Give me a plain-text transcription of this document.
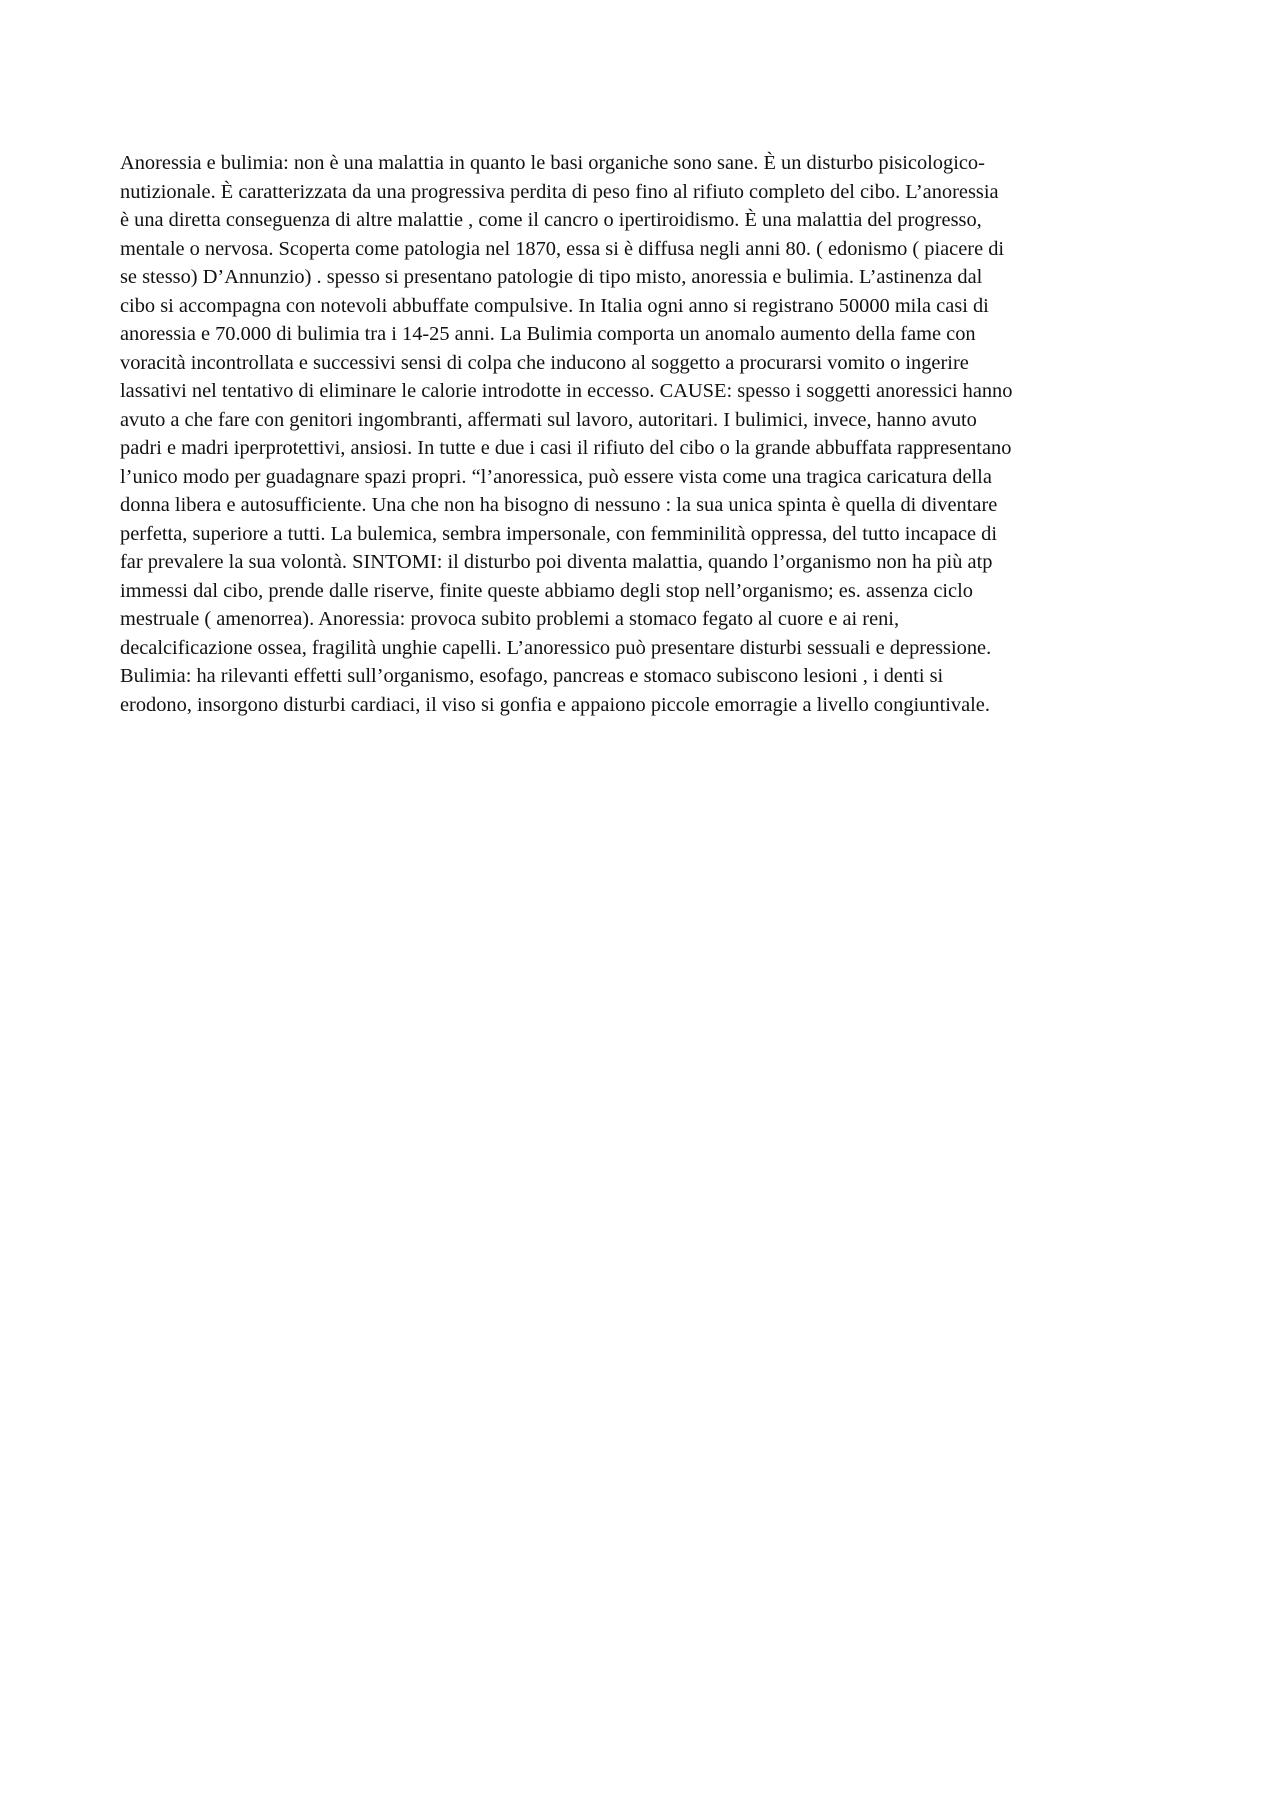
Anoressia e bulimia: non è una malattia in quanto le basi organiche sono sane. È un disturbo pisicologico-
nutizionale. È caratterizzata da una progressiva perdita di peso fino al rifiuto completo del cibo. L’anoressia
è una diretta conseguenza di altre malattie , come il cancro o ipertiroidismo. È una malattia del progresso,
mentale o nervosa. Scoperta come patologia nel 1870, essa si è diffusa negli anni 80. ( edonismo ( piacere di
se stesso) D’Annunzio) . spesso si presentano patologie di tipo misto, anoressia e bulimia. L’astinenza dal
cibo si accompagna con notevoli abbuffate compulsive. In Italia ogni anno si registrano 50000 mila casi di
anoressia e 70.000 di bulimia tra i 14-25 anni. La Bulimia comporta un anomalo aumento della fame con
voracità incontrollata e successivi sensi di colpa che inducono al soggetto a procurarsi vomito o ingerire
lassativi nel tentativo di eliminare le calorie introdotte in eccesso. CAUSE: spesso i soggetti anoressici hanno
avuto a che fare con genitori ingombranti, affermati sul lavoro, autoritari. I bulimici, invece, hanno avuto
padri e madri iperprotettivi, ansiosi. In tutte e due i casi il rifiuto del cibo o la grande abbuffata rappresentano
l’unico modo per guadagnare spazi propri. “l’anoressica, può essere vista come una tragica caricatura della
donna libera e autosufficiente. Una che non ha bisogno di nessuno : la sua unica spinta è quella di diventare
perfetta, superiore a tutti. La bulemica, sembra impersonale, con femminilità oppressa, del tutto incapace di
far prevalere la sua volontà. SINTOMI: il disturbo poi diventa malattia, quando l’organismo non ha più atp
immessi dal cibo, prende dalle riserve, finite queste abbiamo degli stop nell’organismo; es. assenza ciclo
mestruale ( amenorrea). Anoressia: provoca subito problemi a stomaco fegato al cuore e ai reni,
decalcificazione ossea, fragilità unghie capelli. L’anoressico può presentare disturbi sessuali e depressione.
Bulimia: ha rilevanti effetti sull’organismo, esofago, pancreas e stomaco subiscono lesioni , i denti si
erodono, insorgono disturbi cardiaci, il viso si gonfia e appaiono piccole emorragie a livello congiuntivale.
